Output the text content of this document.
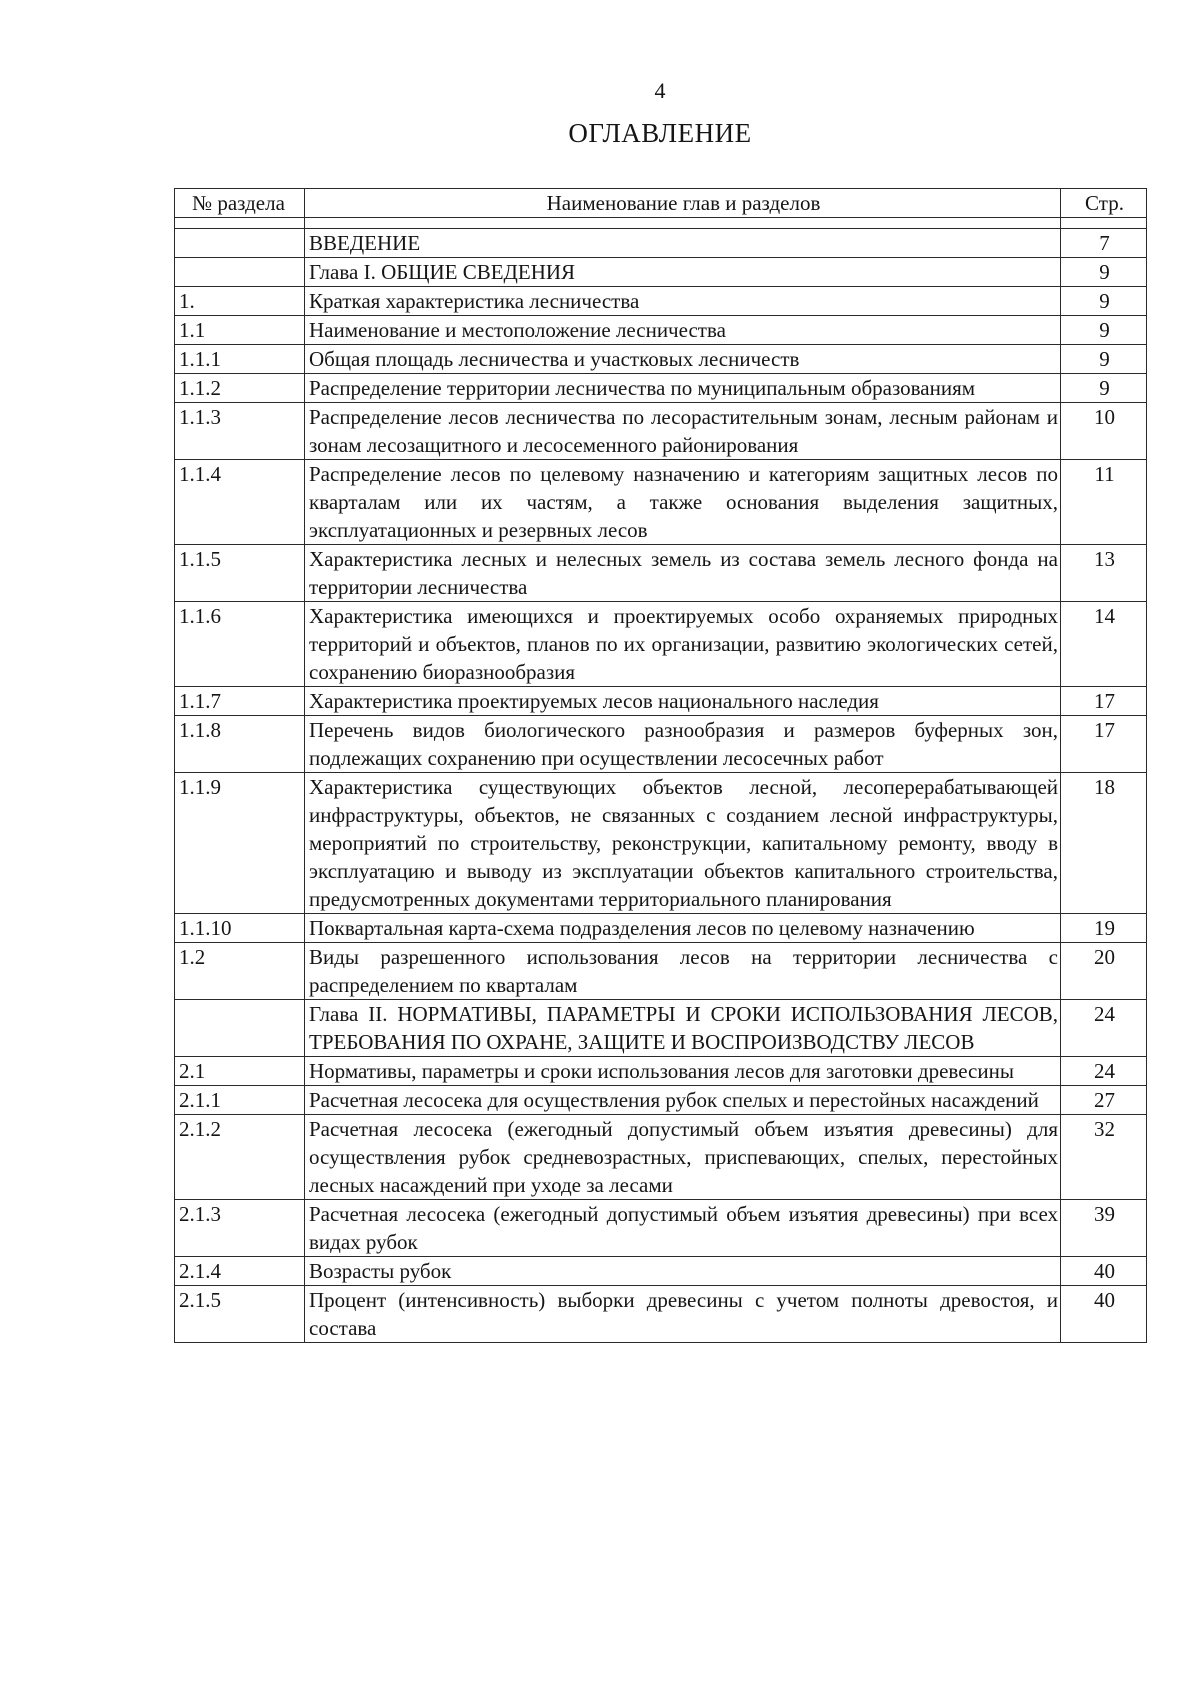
4
ОГЛАВЛЕНИЕ
№ раздела	Наименование глав и разделов	Стр.

	ВВЕДЕНИЕ	7
	Глава I. ОБЩИЕ СВЕДЕНИЯ	9
1.	Краткая характеристика лесничества	9
1.1	Наименование и местоположение лесничества	9
1.1.1	Общая площадь лесничества и участковых лесничеств	9
1.1.2	Распределение территории лесничества по муниципальным образованиям	9
1.1.3	Распределение лесов лесничества по лесорастительным зонам, лесным районам и зонам лесозащитного и лесосеменного районирования	10
1.1.4	Распределение лесов по целевому назначению и категориям защитных лесов по кварталам или их частям, а также основания выделения защитных, эксплуатационных и резервных лесов	11
1.1.5	Характеристика лесных и нелесных земель из состава земель лесного фонда на территории лесничества	13
1.1.6	Характеристика имеющихся и проектируемых особо охраняемых природных территорий и объектов, планов по их организации, развитию экологических сетей, сохранению биоразнообразия	14
1.1.7	Характеристика проектируемых лесов национального наследия	17
1.1.8	Перечень видов биологического разнообразия и размеров буферных зон, подлежащих сохранению при осуществлении лесосечных работ	17
1.1.9	Характеристика существующих объектов лесной, лесоперерабатывающей инфраструктуры, объектов, не связанных с созданием лесной инфраструктуры, мероприятий по строительству, реконструкции, капитальному ремонту, вводу в эксплуатацию и выводу из эксплуатации объектов капитального строительства, предусмотренных документами территориального планирования	18
1.1.10	Поквартальная карта-схема подразделения лесов по целевому назначению	19
1.2	Виды разрешенного использования лесов на территории лесничества с распределением по кварталам	20
	Глава II. НОРМАТИВЫ, ПАРАМЕТРЫ И СРОКИ ИСПОЛЬЗОВАНИЯ ЛЕСОВ, ТРЕБОВАНИЯ ПО ОХРАНЕ, ЗАЩИТЕ И ВОСПРОИЗВОДСТВУ ЛЕСОВ	24
2.1	Нормативы, параметры и сроки использования лесов для заготовки древесины	24
2.1.1	Расчетная лесосека для осуществления рубок спелых и перестойных насаждений	27
2.1.2	Расчетная лесосека (ежегодный допустимый объем изъятия древесины) для осуществления рубок средневозрастных, приспевающих, спелых, перестойных лесных насаждений при уходе за лесами	32
2.1.3	Расчетная лесосека (ежегодный допустимый объем изъятия древесины) при всех видах рубок	39
2.1.4	Возрасты рубок	40
2.1.5	Процент (интенсивность) выборки древесины с учетом полноты древостоя, и состава	40
